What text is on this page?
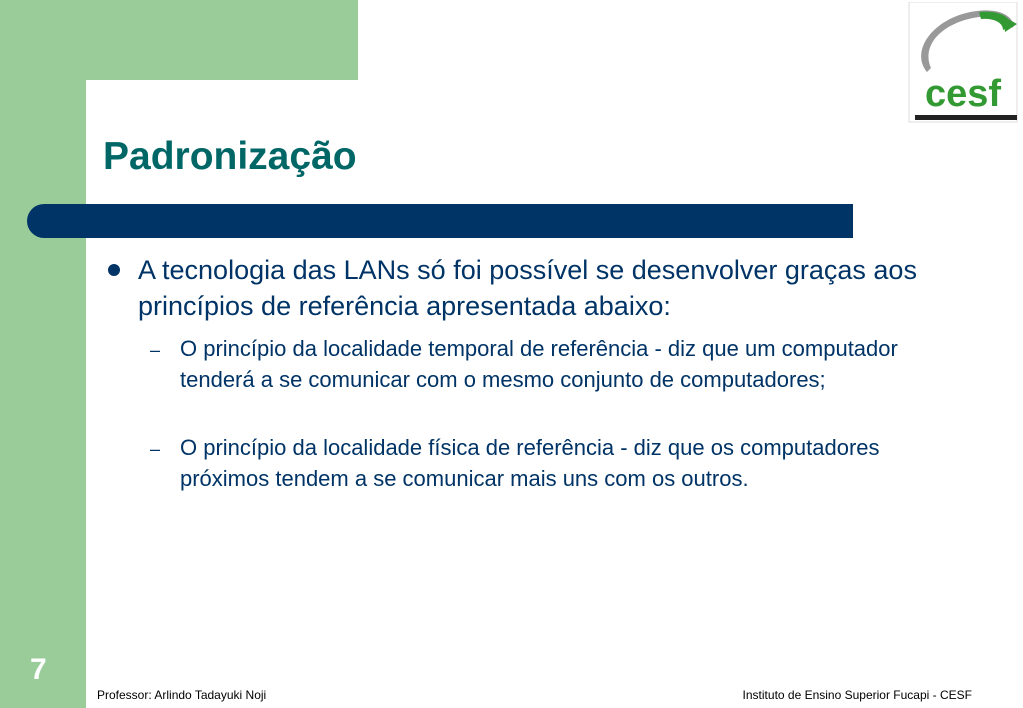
cesf
Padronização
A tecnologia das LANs só foi possível se desenvolver graças aos princípios de referência apresentada abaixo:
– O princípio da localidade temporal de referência - diz que um computador tenderá a se comunicar com o mesmo conjunto de computadores;
– O princípio da localidade física de referência - diz que os computadores próximos tendem a se comunicar mais uns com os outros.
7
Professor: Arlindo Tadayuki Noji	Instituto de Ensino Superior Fucapi - CESF
